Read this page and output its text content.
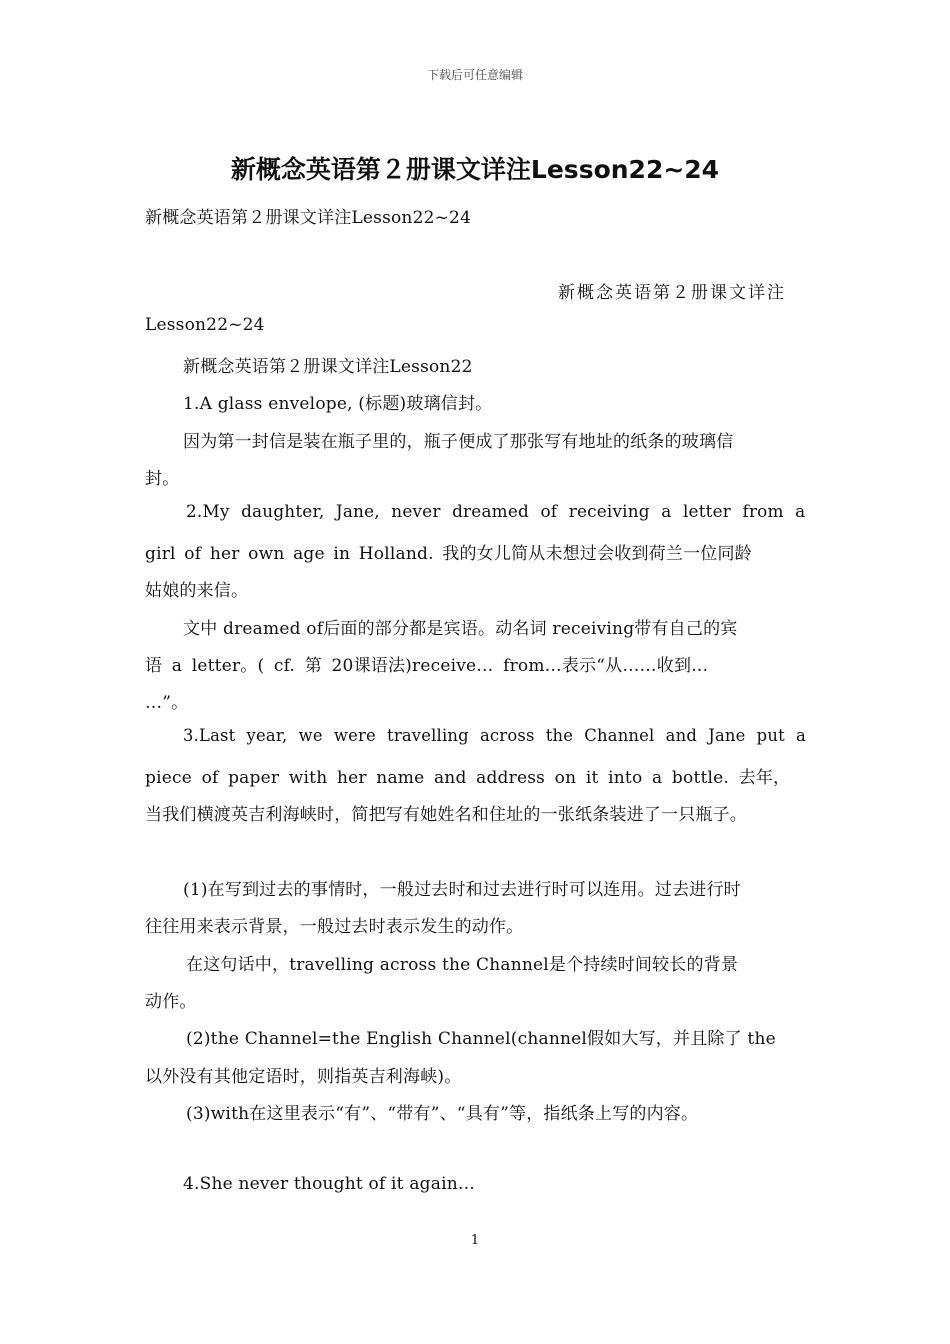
下载后可任意编辑
新概念英语第２册课文详注Lesson22~24
新概念英语第２册课文详注Lesson22~24
新概念英语第２册课文详注
Lesson22~24
新概念英语第２册课文详注Lesson22
1.A glass envelope, (标题)玻璃信封。
因为第一封信是装在瓶子里的，瓶子便成了那张写有地址的纸条的玻璃信
封。
2.My daughter, Jane, never dreamed of receiving a letter from a
girl of her own age in Holland. 我的女儿简从未想过会收到荷兰一位同龄
姑娘的来信。
文中 dreamed of后面的部分都是宾语。动名词 receiving带有自己的宾
语 a letter。( cf. 第 20课语法)receive… from…表示“从……收到…
…”。
3.Last year, we were travelling across the Channel and Jane put a
piece of paper with her name and address on it into a bottle. 去年，
当我们横渡英吉利海峡时，简把写有她姓名和住址的一张纸条装进了一只瓶子。
(1)在写到过去的事情时，一般过去时和过去进行时可以连用。过去进行时
往往用来表示背景，一般过去时表示发生的动作。
在这句话中，travelling across the Channel是个持续时间较长的背景
动作。
(2)the Channel=the English Channel(channel假如大写，并且除了 the
以外没有其他定语时，则指英吉利海峡)。
(3)with在这里表示“有”、“带有”、“具有”等，指纸条上写的内容。
4.She never thought of it again…
1
